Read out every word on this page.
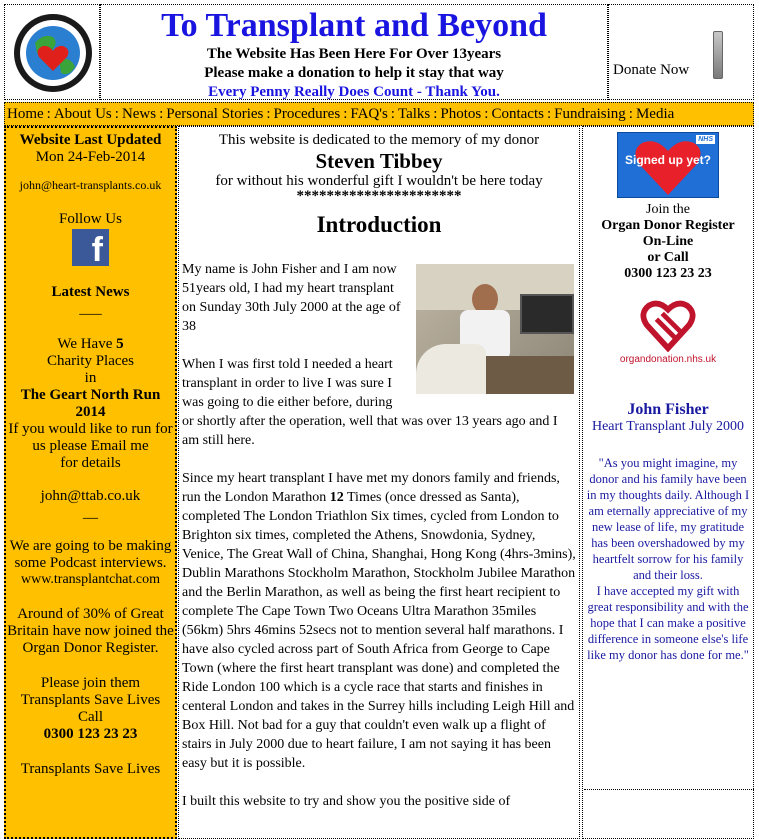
To Transplant and Beyond
The Website Has Been Here For Over 13years
Please make a donation to help it stay that way
Every Penny Really Does Count - Thank You.
Donate Now
Home : About Us : News : Personal Stories : Procedures : FAQ's : Talks : Photos : Contacts : Fundraising : Media

Website Last Updated

Mon 24-Feb-2014

john@heart-transplants.co.uk

Follow Us

f

Latest News

___

We Have 5

Charity Places

in

The Geart North Run

2014

If you would like to run for

us please Email me

for details

john@ttab.co.uk

__

We are going to be making

some Podcast interviews.

www.transplantchat.com

Around of 30% of Great

Britain have now joined the

Organ Donor Register.

Please join them

Transplants Save Lives

Call

0300 123 23 23

Transplants Save Lives

This website is dedicated to the memory of my donor

Steven Tibbey

for without his wonderful gift I wouldn't be here today

**********************

Introduction

My name is John Fisher and I am now 51years old, I had my heart transplant on Sunday 30th July 2000 at the age of 38

When I was first told I needed a heart transplant in order to live I was sure I was going to die either before, during or shortly after the operation, well that was over 13 years ago and I am still here.

Since my heart transplant I have met my donors family and friends, run the London Marathon 12 Times (once dressed as Santa), completed The London Triathlon Six times, cycled from London to Brighton six times, completed the Athens, Snowdonia, Sydney, Venice, The Great Wall of China, Shanghai, Hong Kong (4hrs-3mins), Dublin Marathons Stockholm Marathon, Stockholm Jubilee Marathon and the Berlin Marathon, as well as being the first heart recipient to complete The Cape Town Two Oceans Ultra Marathon 35miles (56km) 5hrs 46mins 52secs not to mention several half marathons. I have also cycled across part of South Africa from George to Cape Town (where the first heart transplant was done) and completed the Ride London 100 which is a cycle race that starts and finishes in centeral London and takes in the Surrey hills including Leigh Hill and Box Hill. Not bad for a guy that couldn't even walk up a flight of stairs in July 2000 due to heart failure, I am not saying it has been easy but it is possible.

I built this website to try and show you the positive side of

NHS
Signed up yet?

Join the

Organ Donor Register

On-Line

or Call

0300 123 23 23

organdonation.nhs.uk

John Fisher

Heart Transplant July 2000

"As you might imagine, my donor and his family have been in my thoughts daily. Although I am eternally appreciative of my new lease of life, my gratitude has been overshadowed by my heartfelt sorrow for his family and their loss.

I have accepted my gift with great responsibility and with the hope that I can make a positive difference in someone else's life like my donor has done for me."
